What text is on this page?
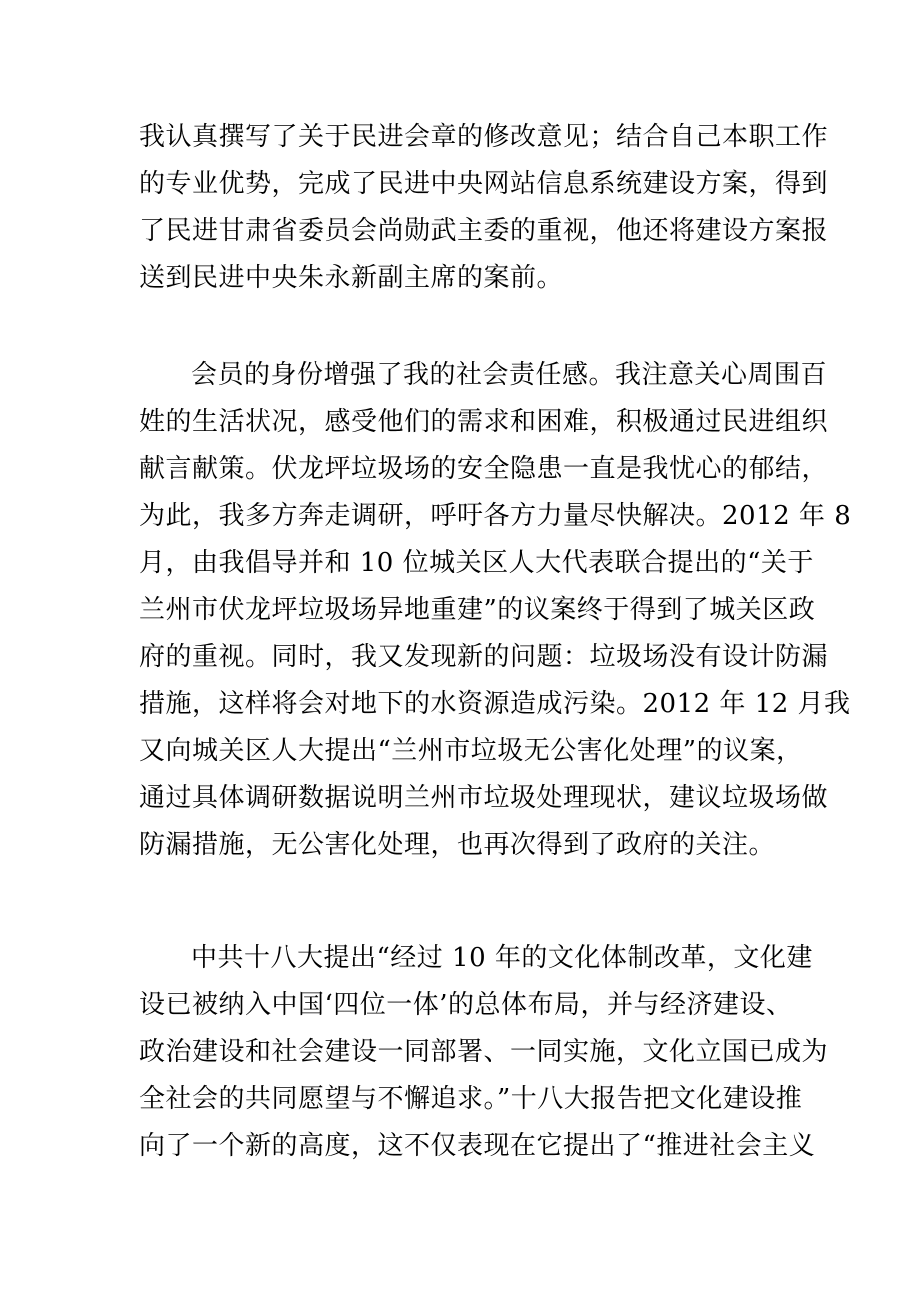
我认真撰写了关于民进会章的修改意见；结合自己本职工作
的专业优势，完成了民进中央网站信息系统建设方案，得到
了民进甘肃省委员会尚勋武主委的重视，他还将建设方案报
送到民进中央朱永新副主席的案前。

会员的身份增强了我的社会责任感。我注意关心周围百
姓的生活状况，感受他们的需求和困难，积极通过民进组织
献言献策。伏龙坪垃圾场的安全隐患一直是我忧心的郁结，
为此，我多方奔走调研，呼吁各方力量尽快解决。2012 年 8
月，由我倡导并和 10 位城关区人大代表联合提出的“关于
兰州市伏龙坪垃圾场异地重建”的议案终于得到了城关区政
府的重视。同时，我又发现新的问题：垃圾场没有设计防漏
措施，这样将会对地下的水资源造成污染。2012 年 12 月我
又向城关区人大提出“兰州市垃圾无公害化处理”的议案，
通过具体调研数据说明兰州市垃圾处理现状，建议垃圾场做
防漏措施，无公害化处理，也再次得到了政府的关注。

中共十八大提出“经过 10 年的文化体制改革，文化建
设已被纳入中国‘四位一体’的总体布局，并与经济建设、
政治建设和社会建设一同部署、一同实施，文化立国已成为
全社会的共同愿望与不懈追求。”十八大报告把文化建设推
向了一个新的高度，这不仅表现在它提出了“推进社会主义
